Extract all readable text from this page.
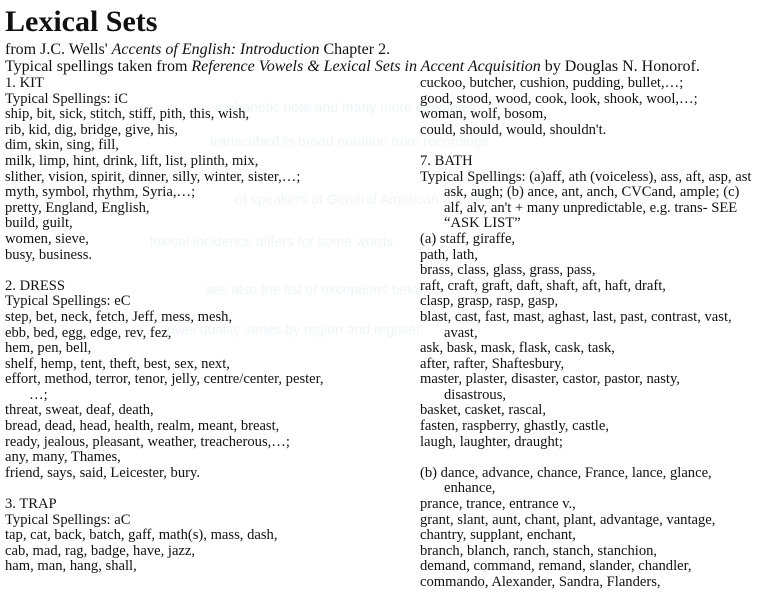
Lexical Sets
from J.C. Wells' Accents of English: Introduction Chapter 2.
Typical spellings taken from Reference Vowels & Lexical Sets in Accent Acquisition by Douglas N. Honorof.
a phonetic note and many more examples
transcribed in broad notation from recordings
of speakers of General American and RP
lexical incidence differs for some words
see also the list of exceptions below
vowel quality varies by region and register
1. KIT
Typical Spellings: iC
ship, bit, sick, stitch, stiff, pith, this, wish,
rib, kid, dig, bridge, give, his,
dim, skin, sing, fill,
milk, limp, hint, drink, lift, list, plinth, mix,
slither, vision, spirit, dinner, silly, winter, sister,…;
myth, symbol, rhythm, Syria,…;
pretty, England, English,
build, guilt,
women, sieve,
busy, business.
2. DRESS
Typical Spellings: eC
step, bet, neck, fetch, Jeff, mess, mesh,
ebb, bed, egg, edge, rev, fez,
hem, pen, bell,
shelf, hemp, tent, theft, best, sex, next,
effort, method, terror, tenor, jelly, centre/center, pester,
…;
threat, sweat, deaf, death,
bread, dead, head, health, realm, meant, breast,
ready, jealous, pleasant, weather, treacherous,…;
any, many, Thames,
friend, says, said, Leicester, bury.
3. TRAP
Typical Spellings: aC
tap, cat, back, batch, gaff, math(s), mass, dash,
cab, mad, rag, badge, have, jazz,
ham, man, hang, shall,
cuckoo, butcher, cushion, pudding, bullet,…;
good, stood, wood, cook, look, shook, wool,…;
woman, wolf, bosom,
could, should, would, shouldn't.
7. BATH
Typical Spellings: (a)aff, ath (voiceless), ass, aft, asp, ast
ask, augh; (b) ance, ant, anch, CVCand, ample; (c)
alf, alv, an't + many unpredictable, e.g. trans- SEE
“ASK LIST”
(a) staff, giraffe,
path, lath,
brass, class, glass, grass, pass,
raft, craft, graft, daft, shaft, aft, haft, draft,
clasp, grasp, rasp, gasp,
blast, cast, fast, mast, aghast, last, past, contrast, vast,
avast,
ask, bask, mask, flask, cask, task,
after, rafter, Shaftesbury,
master, plaster, disaster, castor, pastor, nasty,
disastrous,
basket, casket, rascal,
fasten, raspberry, ghastly, castle,
laugh, laughter, draught;
(b) dance, advance, chance, France, lance, glance,
enhance,
prance, trance, entrance v.,
grant, slant, aunt, chant, plant, advantage, vantage,
chantry, supplant, enchant,
branch, blanch, ranch, stanch, stanchion,
demand, command, remand, slander, chandler,
commando, Alexander, Sandra, Flanders,
